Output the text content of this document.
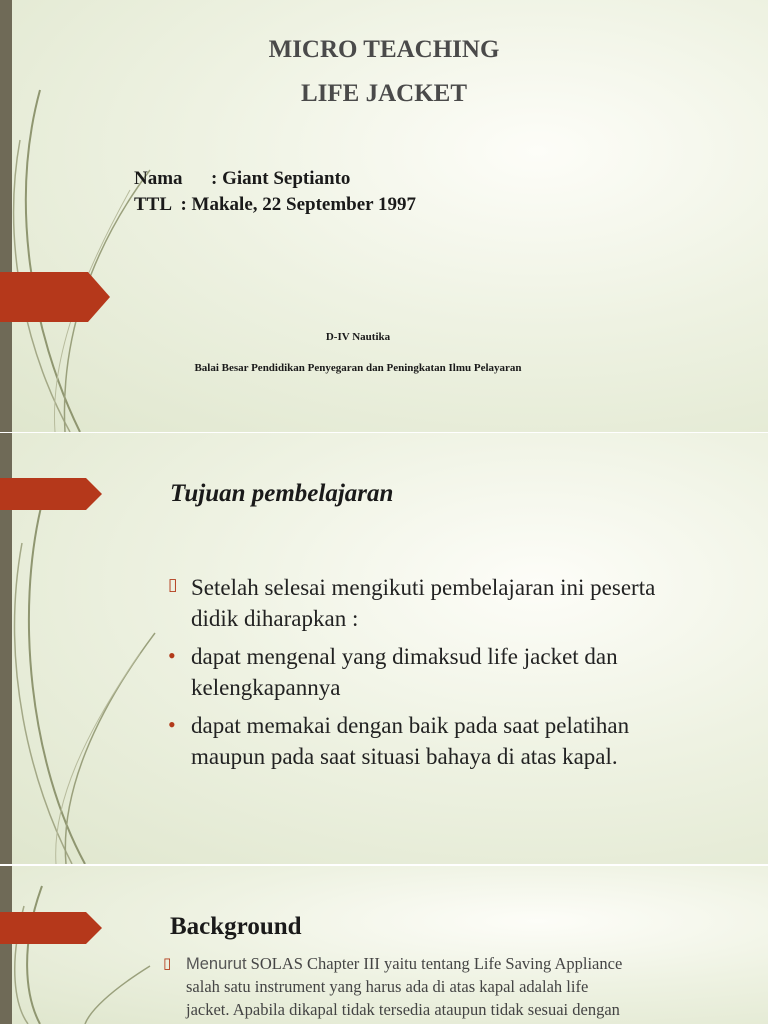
MICRO TEACHING

LIFE JACKET

Nama      : Giant Septianto

TTL  : Makale, 22 September 1997

D-IV Nautika

Balai Besar Pendidikan Penyegaran dan Peningkatan Ilmu Pelayaran

Tujuan pembelajaran

▯ Setelah selesai mengikuti pembelajaran ini peserta

didik diharapkan :

• dapat mengenal yang dimaksud life jacket dan

kelengkapannya

• dapat memakai dengan baik pada saat pelatihan

maupun pada saat situasi bahaya di atas kapal.

Background

▯ Menurut SOLAS Chapter III yaitu tentang Life Saving Appliance

salah satu instrument yang harus ada di atas kapal adalah life

jacket. Apabila dikapal tidak tersedia ataupun tidak sesuai dengan
